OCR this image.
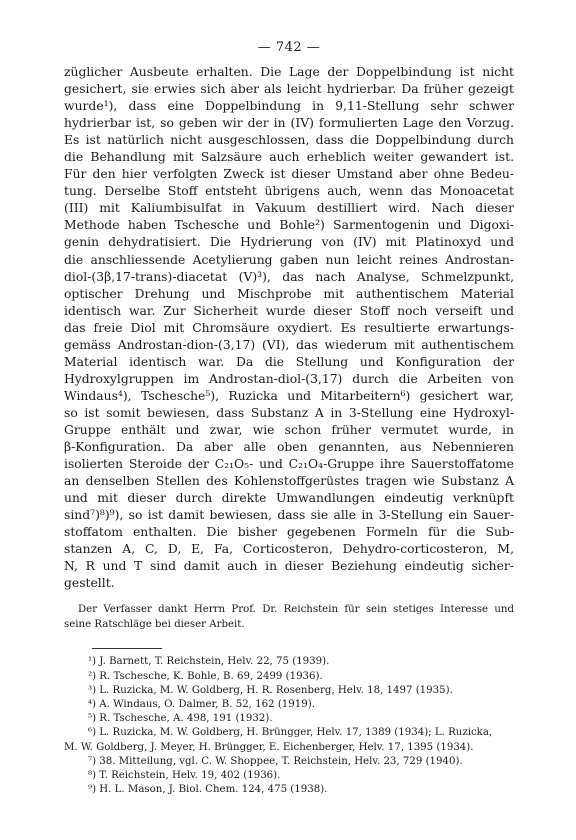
— 742 —
züglicher Ausbeute erhalten. Die Lage der Doppelbindung ist nicht
gesichert, sie erwies sich aber als leicht hydrierbar. Da früher gezeigt
wurde¹), dass eine Doppelbindung in 9,11-Stellung sehr schwer
hydrierbar ist, so geben wir der in (IV) formulierten Lage den Vorzug.
Es ist natürlich nicht ausgeschlossen, dass die Doppelbindung durch
die Behandlung mit Salzsäure auch erheblich weiter gewandert ist.
Für den hier verfolgten Zweck ist dieser Umstand aber ohne Bedeu-
tung. Derselbe Stoff entsteht übrigens auch, wenn das Monoacetat
(III) mit Kaliumbisulfat in Vakuum destilliert wird. Nach dieser
Methode haben Tschesche und Bohle²) Sarmentogenin und Digoxi-
genin dehydratisiert. Die Hydrierung von (IV) mit Platinoxyd und
die anschliessende Acetylierung gaben nun leicht reines Androstan-
diol-(3β,17-trans)-diacetat (V)³), das nach Analyse, Schmelzpunkt,
optischer Drehung und Mischprobe mit authentischem Material
identisch war. Zur Sicherheit wurde dieser Stoff noch verseift und
das freie Diol mit Chromsäure oxydiert. Es resultierte erwartungs-
gemäss Androstan-dion-(3,17) (VI), das wiederum mit authentischem
Material identisch war. Da die Stellung und Konfiguration der
Hydroxylgruppen im Androstan-diol-(3,17) durch die Arbeiten von
Windaus⁴), Tschesche⁵), Ruzicka und Mitarbeitern⁶) gesichert war,
so ist somit bewiesen, dass Substanz A in 3-Stellung eine Hydroxyl-
Gruppe enthält und zwar, wie schon früher vermutet wurde, in
β-Konfiguration. Da aber alle oben genannten, aus Nebennieren
isolierten Steroide der C₂₁O₅- und C₂₁O₄-Gruppe ihre Sauerstoffatome
an denselben Stellen des Kohlenstoffgerüstes tragen wie Substanz A
und mit dieser durch direkte Umwandlungen eindeutig verknüpft
sind⁷)⁸)⁹), so ist damit bewiesen, dass sie alle in 3-Stellung ein Sauer-
stoffatom enthalten. Die bisher gegebenen Formeln für die Sub-
stanzen A, C, D, E, Fa, Corticosteron, Dehydro-corticosteron, M,
N, R und T sind damit auch in dieser Beziehung eindeutig sicher-
gestellt.
Der Verfasser dankt Herrn Prof. Dr. Reichstein für sein stetiges Interesse und
seine Ratschläge bei dieser Arbeit.
¹) J. Barnett, T. Reichstein, Helv. 22, 75 (1939).
²) R. Tschesche, K. Bohle, B. 69, 2499 (1936).
³) L. Ruzicka, M. W. Goldberg, H. R. Rosenberg, Helv. 18, 1497 (1935).
⁴) A. Windaus, O. Dalmer, B. 52, 162 (1919).
⁵) R. Tschesche, A. 498, 191 (1932).
⁶) L. Ruzicka, M. W. Goldberg, H. Brüngger, Helv. 17, 1389 (1934); L. Ruzicka,
M. W. Goldberg, J. Meyer, H. Brüngger, E. Eichenberger, Helv. 17, 1395 (1934).
⁷) 38. Mitteilung, vgl. C. W. Shoppee, T. Reichstein, Helv. 23, 729 (1940).
⁸) T. Reichstein, Helv. 19, 402 (1936).
⁹) H. L. Mason, J. Biol. Chem. 124, 475 (1938).
